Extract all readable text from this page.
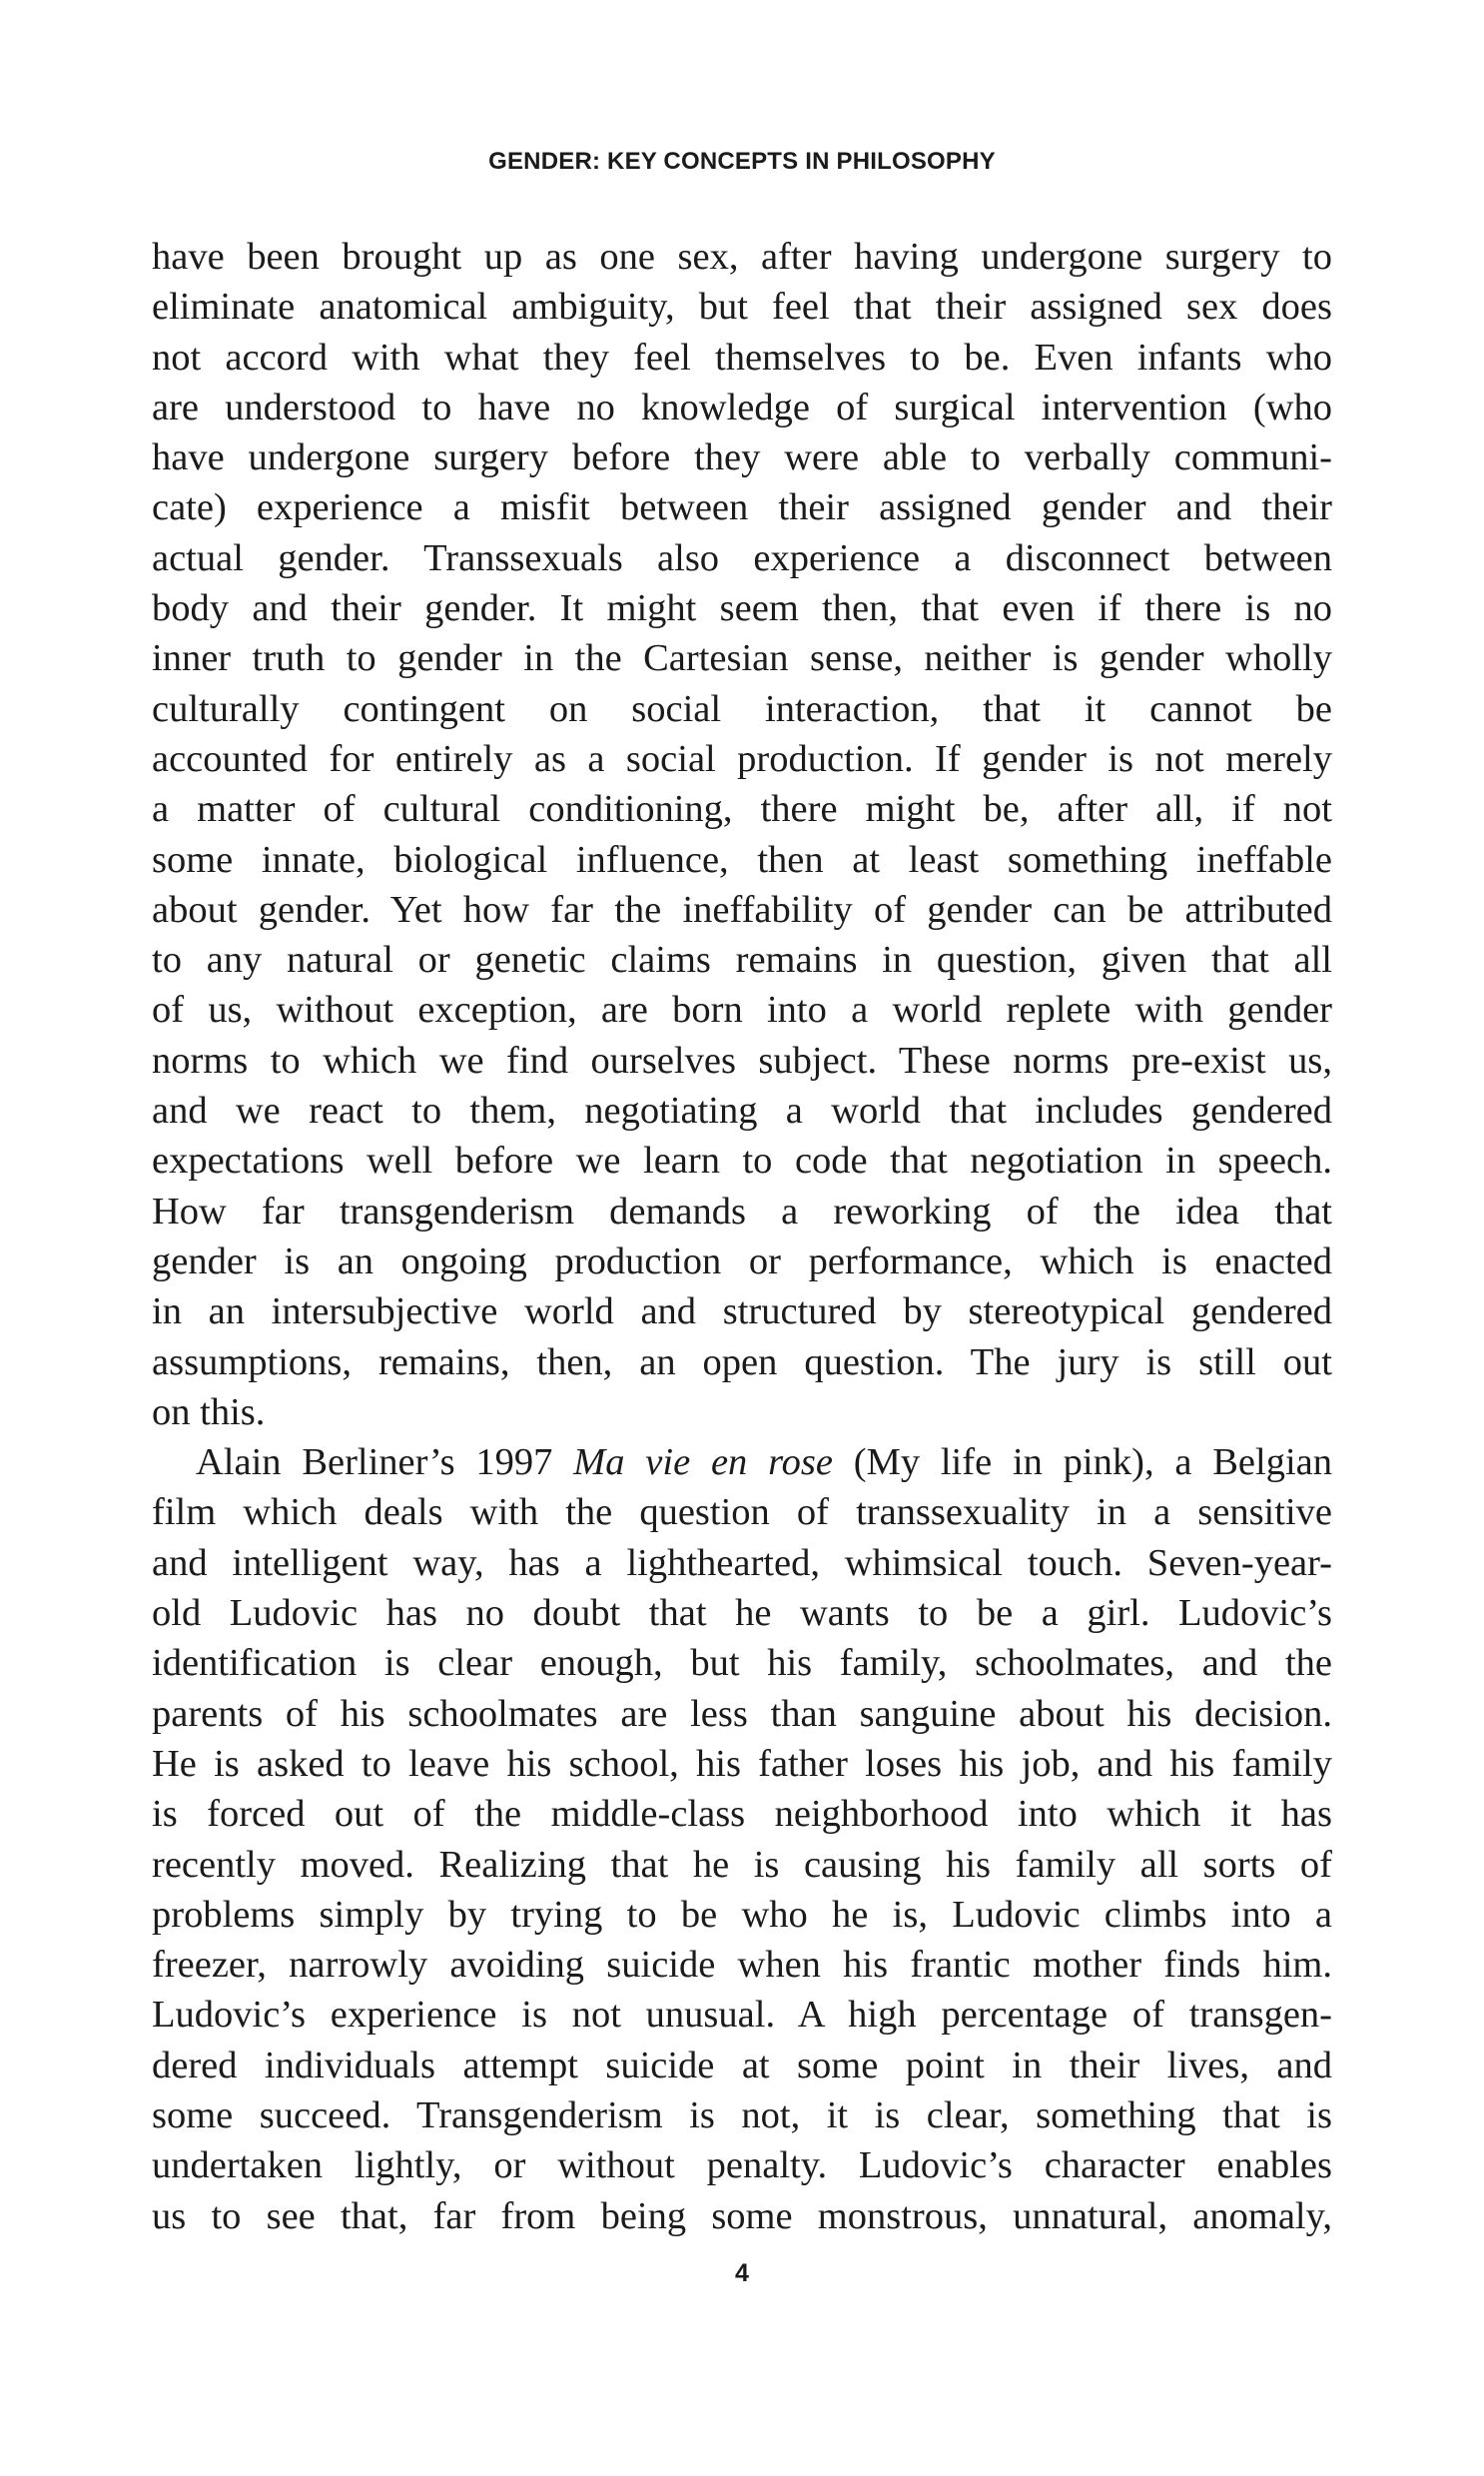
GENDER: KEY CONCEPTS IN PHILOSOPHY
have been brought up as one sex, after having undergone surgery to
eliminate anatomical ambiguity, but feel that their assigned sex does
not accord with what they feel themselves to be. Even infants who
are understood to have no knowledge of surgical intervention (who
have undergone surgery before they were able to verbally communi-
cate) experience a misfit between their assigned gender and their
actual gender. Transsexuals also experience a disconnect between
body and their gender. It might seem then, that even if there is no
inner truth to gender in the Cartesian sense, neither is gender wholly
culturally contingent on social interaction, that it cannot be
accounted for entirely as a social production. If gender is not merely
a matter of cultural conditioning, there might be, after all, if not
some innate, biological influence, then at least something ineffable
about gender. Yet how far the ineffability of gender can be attributed
to any natural or genetic claims remains in question, given that all
of us, without exception, are born into a world replete with gender
norms to which we find ourselves subject. These norms pre-exist us,
and we react to them, negotiating a world that includes gendered
expectations well before we learn to code that negotiation in speech.
How far transgenderism demands a reworking of the idea that
gender is an ongoing production or performance, which is enacted
in an intersubjective world and structured by stereotypical gendered
assumptions, remains, then, an open question. The jury is still out
on this.
Alain Berliner’s 1997 Ma vie en rose (My life in pink), a Belgian
film which deals with the question of transsexuality in a sensitive
and intelligent way, has a lighthearted, whimsical touch. Seven-year-
old Ludovic has no doubt that he wants to be a girl. Ludovic’s
identification is clear enough, but his family, schoolmates, and the
parents of his schoolmates are less than sanguine about his decision.
He is asked to leave his school, his father loses his job, and his family
is forced out of the middle-class neighborhood into which it has
recently moved. Realizing that he is causing his family all sorts of
problems simply by trying to be who he is, Ludovic climbs into a
freezer, narrowly avoiding suicide when his frantic mother finds him.
Ludovic’s experience is not unusual. A high percentage of transgen-
dered individuals attempt suicide at some point in their lives, and
some succeed. Transgenderism is not, it is clear, something that is
undertaken lightly, or without penalty. Ludovic’s character enables
us to see that, far from being some monstrous, unnatural, anomaly,
4
